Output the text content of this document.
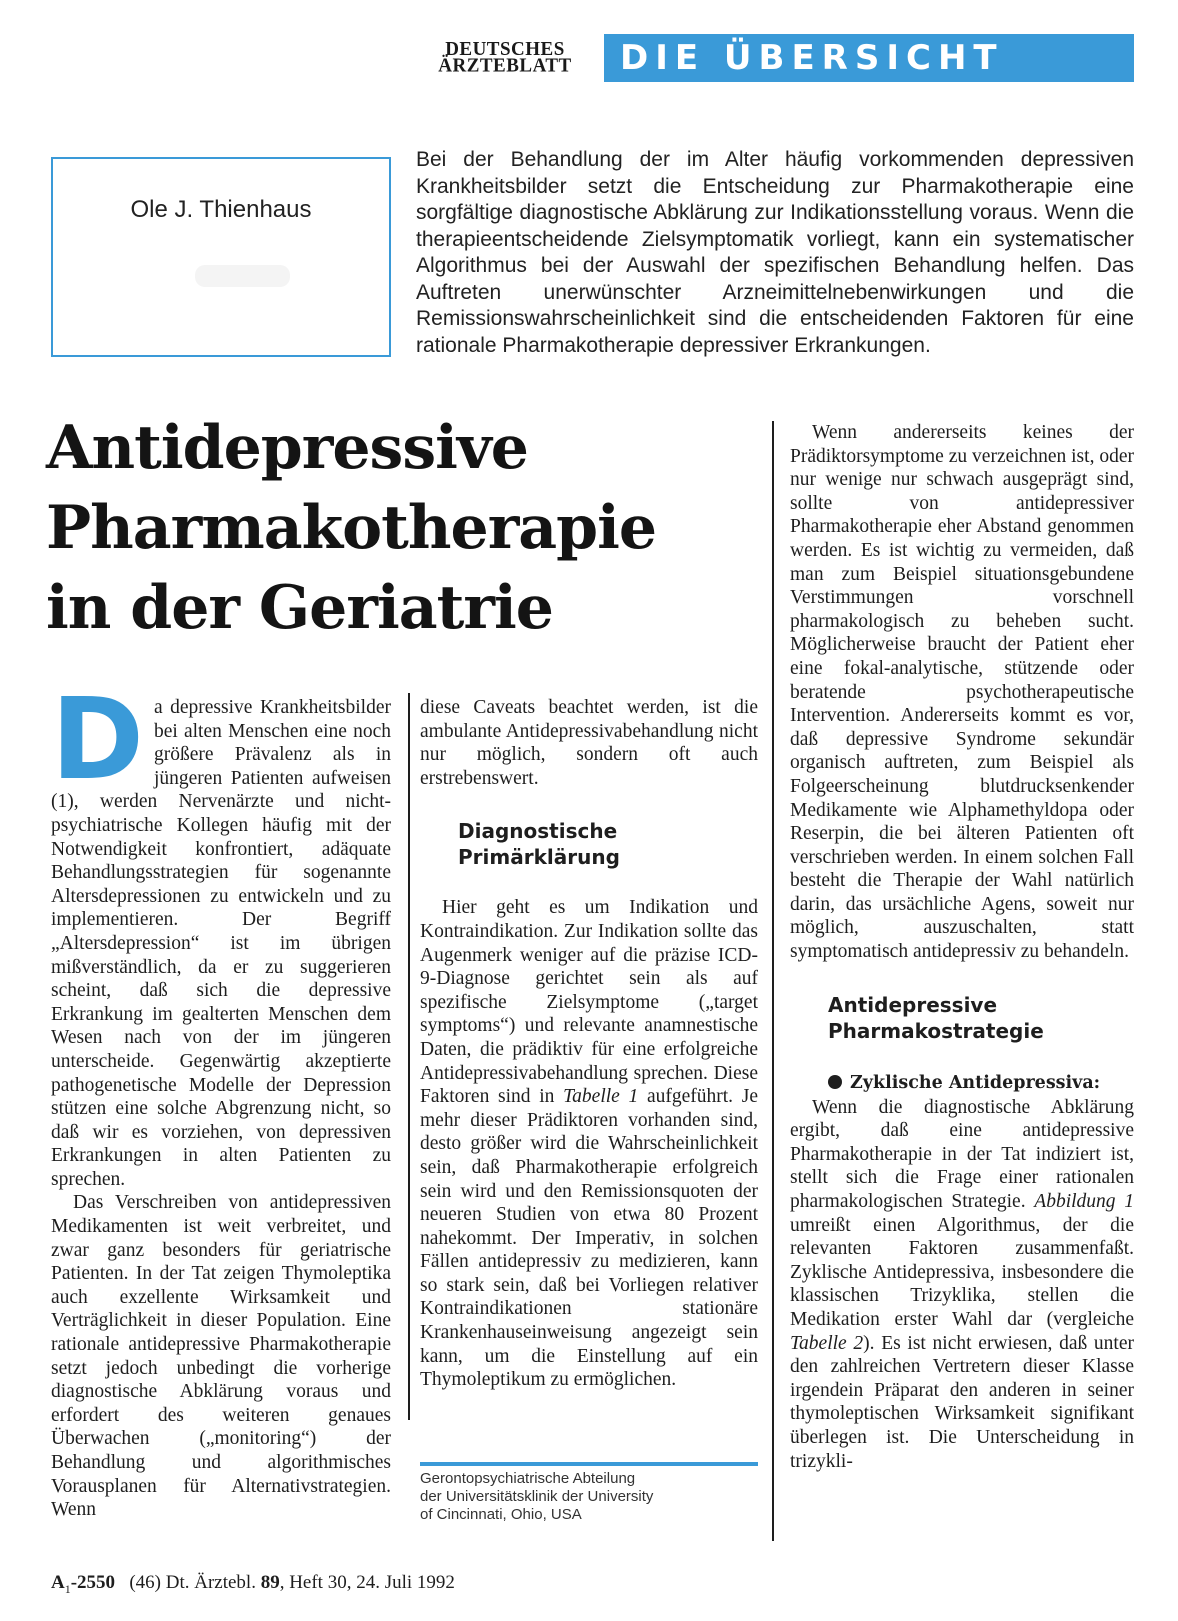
DEUTSCHES
ÄRZTEBLATT	DIE ÜBERSICHT
Ole J. Thienhaus
Bei der Behandlung der im Alter häufig vorkommenden depressiven Krankheitsbilder setzt die Entscheidung zur Pharmakotherapie eine sorgfältige diagnostische Abklärung zur Indikationsstellung voraus. Wenn die therapieentscheidende Zielsymptomatik vorliegt, kann ein systematischer Algorithmus bei der Auswahl der spezifischen Behandlung helfen. Das Auftreten unerwünschter Arzneimittelnebenwirkungen und die Remissionswahrscheinlichkeit sind die entscheidenden Faktoren für eine rationale Pharmakotherapie depressiver Erkrankungen.
Antidepressive
Pharmakotherapie
in der Geriatrie

Da depressive Krankheitsbilder bei alten Menschen eine noch größere Prävalenz als in jüngeren Patienten aufweisen (1), werden Nervenärzte und nicht-psychiatrische Kollegen häufig mit der Notwendigkeit konfrontiert, adäquate Behandlungsstrategien für sogenannte Altersdepressionen zu entwickeln und zu implementieren. Der Begriff „Altersdepression“ ist im übrigen mißverständlich, da er zu suggerieren scheint, daß sich die depressive Erkrankung im gealterten Menschen dem Wesen nach von der im jüngeren unterscheide. Gegenwärtig akzeptierte pathogenetische Modelle der Depression stützen eine solche Abgrenzung nicht, so daß wir es vorziehen, von depressiven Erkrankungen in alten Patienten zu sprechen.

Das Verschreiben von antidepressiven Medikamenten ist weit verbreitet, und zwar ganz besonders für geriatrische Patienten. In der Tat zeigen Thymoleptika auch exzellente Wirksamkeit und Verträglichkeit in dieser Population. Eine rationale antidepressive Pharmakotherapie setzt jedoch unbedingt die vorherige diagnostische Abklärung voraus und erfordert des weiteren genaues Überwachen („monitoring“) der Behandlung und algorithmisches Vorausplanen für Alternativstrategien. Wenn

diese Caveats beachtet werden, ist die ambulante Antidepressivabehandlung nicht nur möglich, sondern oft auch erstrebenswert.

Diagnostische
Primärklärung

Hier geht es um Indikation und Kontraindikation. Zur Indikation sollte das Augenmerk weniger auf die präzise ICD-9-Diagnose gerichtet sein als auf spezifische Zielsymptome („target symptoms“) und relevante anamnestische Daten, die prädiktiv für eine erfolgreiche Antidepressivabehandlung sprechen. Diese Faktoren sind in Tabelle 1 aufgeführt. Je mehr dieser Prädiktoren vorhanden sind, desto größer wird die Wahrscheinlichkeit sein, daß Pharmakotherapie erfolgreich sein wird und den Remissionsquoten der neueren Studien von etwa 80 Prozent nahekommt. Der Imperativ, in solchen Fällen antidepressiv zu medizieren, kann so stark sein, daß bei Vorliegen relativer Kontraindikationen stationäre Krankenhauseinweisung angezeigt sein kann, um die Einstellung auf ein Thymoleptikum zu ermöglichen.

Gerontopsychiatrische Abteilung
der Universitätsklinik der University
of Cincinnati, Ohio, USA

Wenn andererseits keines der Prädiktorsymptome zu verzeichnen ist, oder nur wenige nur schwach ausgeprägt sind, sollte von antidepressiver Pharmakotherapie eher Abstand genommen werden. Es ist wichtig zu vermeiden, daß man zum Beispiel situationsgebundene Verstimmungen vorschnell pharmakologisch zu beheben sucht. Möglicherweise braucht der Patient eher eine fokal-analytische, stützende oder beratende psychotherapeutische Intervention. Andererseits kommt es vor, daß depressive Syndrome sekundär organisch auftreten, zum Beispiel als Folgeerscheinung blutdrucksenkender Medikamente wie Alphamethyldopa oder Reserpin, die bei älteren Patienten oft verschrieben werden. In einem solchen Fall besteht die Therapie der Wahl natürlich darin, das ursächliche Agens, soweit nur möglich, auszuschalten, statt symptomatisch antidepressiv zu behandeln.

Antidepressive
Pharmakostrategie
Zyklische Antidepressiva:

Wenn die diagnostische Abklärung ergibt, daß eine antidepressive Pharmakotherapie in der Tat indiziert ist, stellt sich die Frage einer rationalen pharmakologischen Strategie. Abbildung 1 umreißt einen Algorithmus, der die relevanten Faktoren zusammenfaßt. Zyklische Antidepressiva, insbesondere die klassischen Trizyklika, stellen die Medikation erster Wahl dar (vergleiche Tabelle 2). Es ist nicht erwiesen, daß unter den zahlreichen Vertretern dieser Klasse irgendein Präparat den anderen in seiner thymoleptischen Wirksamkeit signifikant überlegen ist. Die Unterscheidung in trizykli-

$A_1-2550$ (46) Dt. Ärztebl. 89, Heft 30, 24. Juli 1992
